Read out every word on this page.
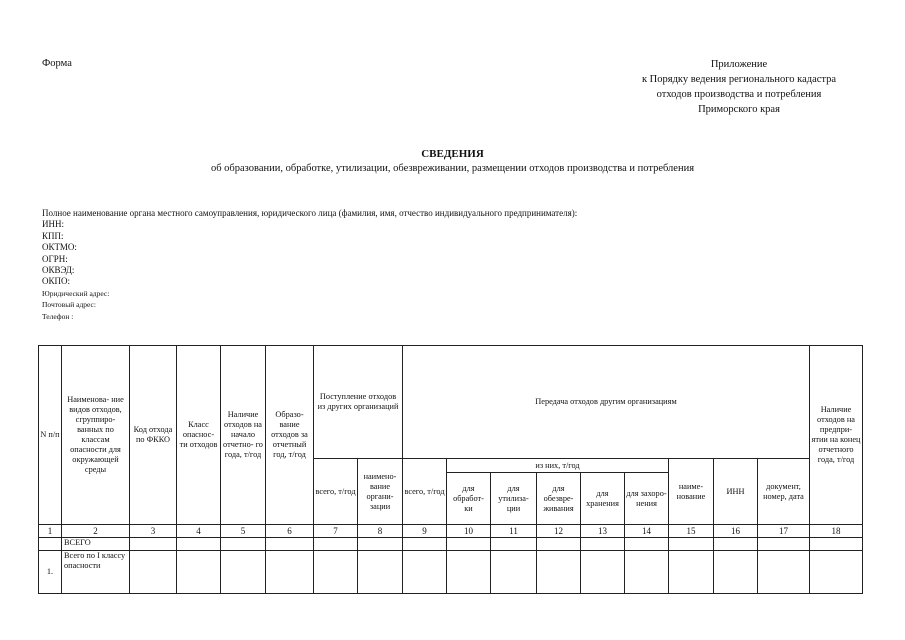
Форма	Приложение
к Порядку ведения регионального кадастра
отходов производства и потребления
Приморского края
СВЕДЕНИЯ
об образовании, обработке, утилизации, обезвреживании, размещении отходов производства и потребления
Полное наименование органа местного самоуправления, юридического лица (фамилия, имя, отчество индивидуального предпринимателя):
ИНН:
КПП:
ОКТМО:
ОГРН:
ОКВЭД:
ОКПО:
Юридический адрес:
Почтовый адрес:
Телефон :
N п/п	Наименова- ние видов отходов, сгруппиро- ванных по классам опасности для окружающей среды	Код отхода по ФККО	Класс опаснос- ти отходов	Наличие отходов на начало отчетно- го года, т/год	Образо- вание отходов за отчетный год, т/год	Поступление отходов из других организаций		Передача отходов другим организациям									Наличие отходов на предпри- ятии на конец отчетного года, т/год
						всего, т/год	наимено- вание органи- зации	всего, т/год	из них, т/год					наиме- нование	ИНН	документ, номер, дата	
									для обработ- ки	для утилиза- ции	для обезвре- живания	для хранения	для захоро- нения				
1	2	3	4	5	6	7	8	9	10	11	12	13	14	15	16	17	18
	ВСЕГО																
1.	Всего по I классу опасности																
